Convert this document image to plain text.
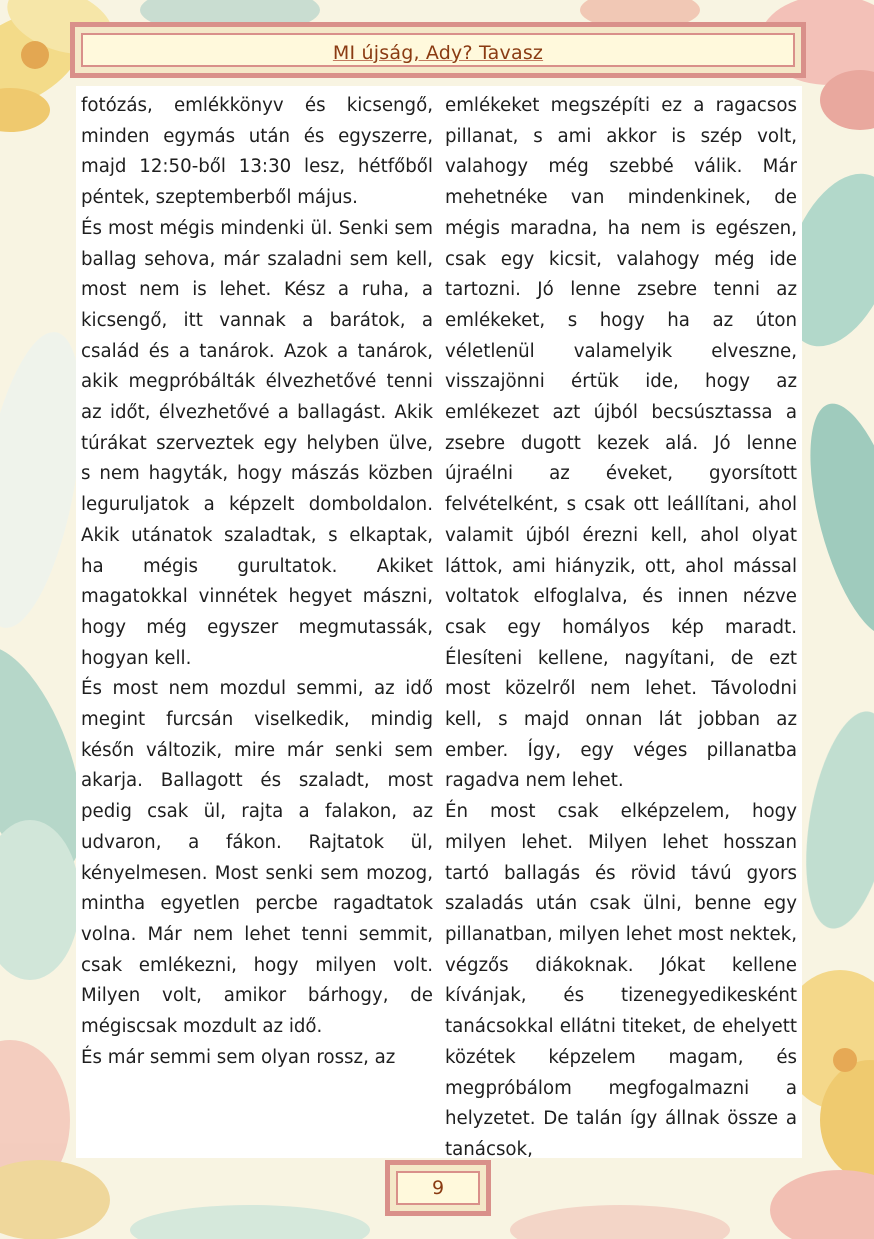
MI újság, Ady? Tavasz

fotózás, emlékkönyv és kicsengő, minden egymás után és egyszerre, majd 12:50-ből 13:30 lesz, hétfőből péntek, szeptemberből május.

És most mégis mindenki ül. Senki sem ballag sehova, már szaladni sem kell, most nem is lehet. Kész a ruha, a kicsengő, itt vannak a barátok, a család és a tanárok. Azok a tanárok, akik megpróbálták élvezhetővé tenni az időt, élvezhetővé a ballagást. Akik túrákat szerveztek egy helyben ülve, s nem hagyták, hogy mászás közben leguruljatok a képzelt domboldalon. Akik utánatok szaladtak, s elkaptak, ha mégis gurultatok. Akiket magatokkal vinnétek hegyet mászni, hogy még egyszer megmutassák, hogyan kell.

És most nem mozdul semmi, az idő megint furcsán viselkedik, mindig későn változik, mire már senki sem akarja. Ballagott és szaladt, most pedig csak ül, rajta a falakon, az udvaron, a fákon. Rajtatok ül, kényelmesen. Most senki sem mozog, mintha egyetlen percbe ragadtatok volna. Már nem lehet tenni semmit, csak emlékezni, hogy milyen volt. Milyen volt, amikor bárhogy, de mégiscsak mozdult az idő.

És már semmi sem olyan rossz, az

emlékeket megszépíti ez a ragacsos pillanat, s ami akkor is szép volt, valahogy még szebbé válik. Már mehetnéke van mindenkinek, de mégis maradna, ha nem is egészen, csak egy kicsit, valahogy még ide tartozni. Jó lenne zsebre tenni az emlékeket, s hogy ha az úton véletlenül valamelyik elveszne, visszajönni értük ide, hogy az emlékezet azt újból becsúsztassa a zsebre dugott kezek alá. Jó lenne újraélni az éveket, gyorsított felvételként, s csak ott leállítani, ahol valamit újból érezni kell, ahol olyat láttok, ami hiányzik, ott, ahol mással voltatok elfoglalva, és innen nézve csak egy homályos kép maradt. Élesíteni kellene, nagyítani, de ezt most közelről nem lehet. Távolodni kell, s majd onnan lát jobban az ember. Így, egy véges pillanatba ragadva nem lehet.

Én most csak elképzelem, hogy milyen lehet. Milyen lehet hosszan tartó ballagás és rövid távú gyors szaladás után csak ülni, benne egy pillanatban, milyen lehet most nektek, végzős diákoknak. Jókat kellene kívánjak, és tizenegyedikesként tanácsokkal ellátni titeket, de ehelyett közétek képzelem magam, és megpróbálom megfogalmazni a helyzetet. De talán így állnak össze a tanácsok,

9
